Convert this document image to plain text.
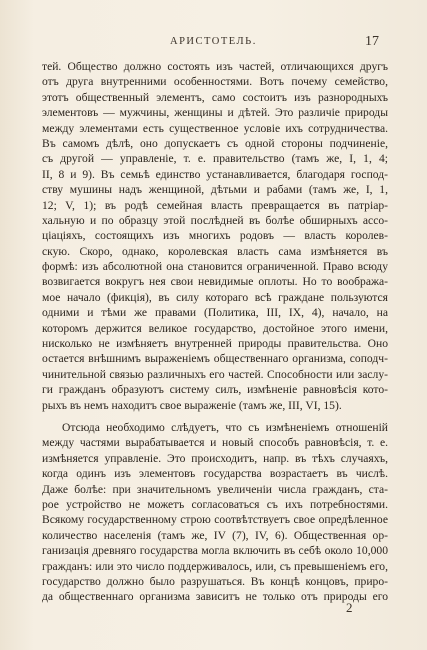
АРИСТОТЕЛЬ.	17
тей. Общество должно состоять изъ частей, отличающихся другъ
отъ друга внутренними особенностями. Вотъ почему семейство,
этотъ общественный элементъ, само состоитъ изъ разнородныхъ
элементовъ — мужчины, женщины и дѣтей. Это различіе природы
между элементами есть существенное условіе ихъ сотрудничества.
Въ самомъ дѣлѣ, оно допускаетъ съ одной стороны подчиненіе,
съ другой — управленіе, т. е. правительство (тамъ же, I, 1, 4;
II, 8 и 9). Въ семьѣ единство устанавливается, благодаря господ-
ству мушины надъ женщиной, дѣтьми и рабами (тамъ же, I, 1,
12; V, 1); въ родѣ семейная власть превращается въ патріар-
хальную и по образцу этой послѣдней въ болѣе обширныхъ ассо-
ціаціяхъ, состоящихъ изъ многихъ родовъ — власть королев-
скую. Скоро, однако, королевская власть сама измѣняется въ
формѣ: изъ абсолютной она становится ограниченной. Право всюду
возвигается вокругъ нея свои невидимые оплоты. Но то вообража-
мое начало (фикція), въ силу котораго всѣ граждане пользуются
одними и тѣми же правами (Политика, III, IX, 4), начало, на
которомъ держится великое государство, достойное этого имени,
нисколько не измѣняетъ внутренней природы правительства. Оно
остается внѣшнимъ выраженіемъ общественнаго организма, соподч-
чинительной связью различныхъ его частей. Способности или заслу-
ги гражданъ образуютъ систему силъ, измѣненіе равновѣсія кото-
рыхъ въ немъ находитъ свое выраженіе (тамъ же, III, VI, 15).
Отсюда необходимо слѣдуетъ, что съ измѣненіемъ отношеній
между частями вырабатывается и новый способъ равновѣсія, т. е.
измѣняется управленіе. Это происходитъ, напр. въ тѣхъ случаяхъ,
когда одинъ изъ элементовъ государства возрастаетъ въ числѣ.
Даже болѣе: при значительномъ увеличеніи числа гражданъ, ста-
рое устройство не можетъ согласоваться съ ихъ потребностями.
Всякому государственному строю соотвѣтствуетъ свое опредѣленное
количество населенія (тамъ же, IV (7), IV, 6). Общественная ор-
ганизація древняго государства могла включить въ себѣ около 10,000
гражданъ: или это число поддерживалось, или, съ превышеніемъ его,
государство должно было разрушаться. Въ концѣ концовъ, приро-
да общественнаго организма зависитъ не только отъ природы его
2
